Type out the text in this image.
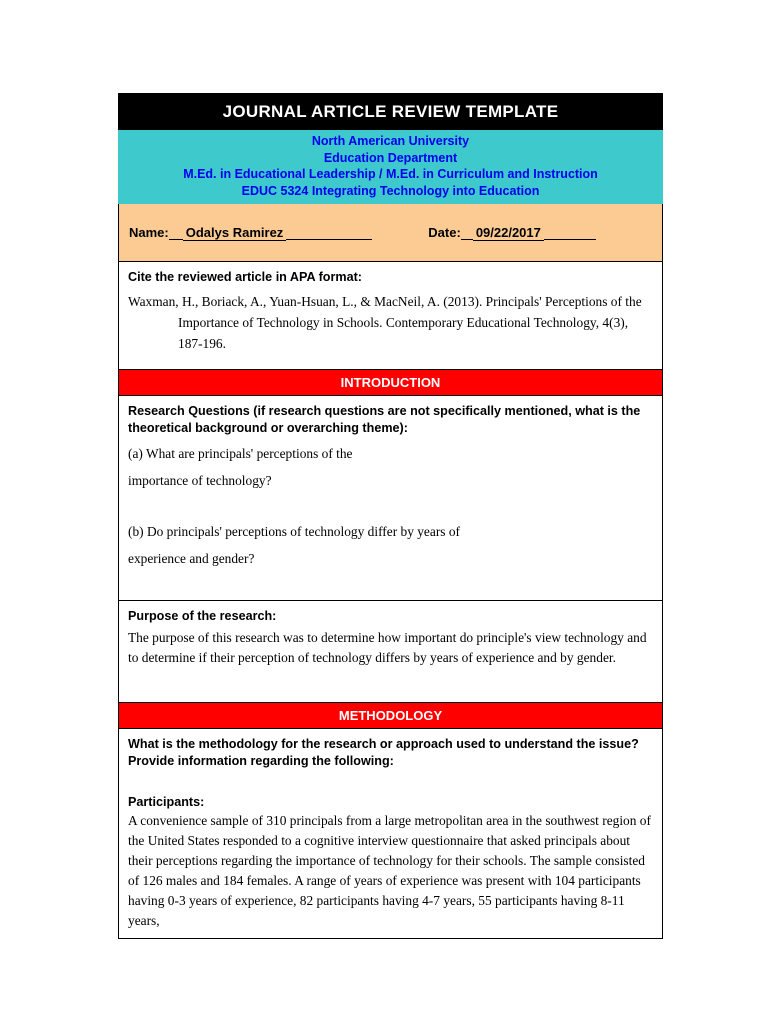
JOURNAL ARTICLE REVIEW TEMPLATE
North American University
Education Department
M.Ed. in Educational Leadership / M.Ed. in Curriculum and Instruction
EDUC 5324 Integrating Technology into Education
Name: Odalys Ramirez	Date: 09/22/2017
Cite the reviewed article in APA format:
Waxman, H., Boriack, A., Yuan-Hsuan, L., & MacNeil, A. (2013). Principals' Perceptions of the Importance of Technology in Schools. Contemporary Educational Technology, 4(3), 187-196.
INTRODUCTION
Research Questions (if research questions are not specifically mentioned, what is the theoretical background or overarching theme):
(a) What are principals' perceptions of the
importance of technology?
(b) Do principals' perceptions of technology differ by years of
experience and gender?
Purpose of the research:
The purpose of this research was to determine how important do principle's view technology and to determine if their perception of technology differs by years of experience and by gender.
METHODOLOGY
What is the methodology for the research or approach used to understand the issue? Provide information regarding the following:
Participants:
A convenience sample of 310 principals from a large metropolitan area in the southwest region of the United States responded to a cognitive interview questionnaire that asked principals about their perceptions regarding the importance of technology for their schools. The sample consisted of 126 males and 184 females. A range of years of experience was present with 104 participants having 0-3 years of experience, 82 participants having 4-7 years, 55 participants having 8-11 years,
